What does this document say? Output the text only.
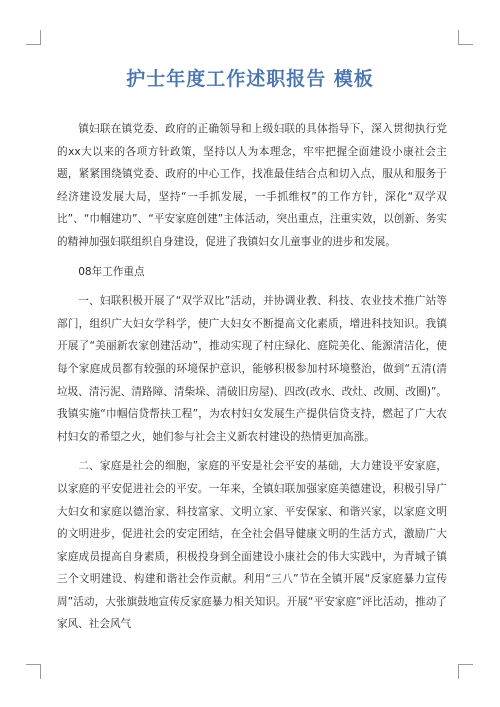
护士年度工作述职报告 模板

镇妇联在镇党委、政府的正确领导和上级妇联的具体指导下，深入贯彻执行党的xx大以来的各项方针政策，坚持以人为本理念，牢牢把握全面建设小康社会主题，紧紧围绕镇党委、政府的中心工作，找准最佳结合点和切入点，服从和服务于经济建设发展大局，坚持“一手抓发展，一手抓维权”的工作方针，深化“双学双比”、“巾帼建功”、“平安家庭创建”主体活动，突出重点，注重实效，以创新、务实的精神加强妇联组织自身建设，促进了我镇妇女儿童事业的进步和发展。

08年工作重点

一、妇联积极开展了“双学双比”活动，并协调业教、科技、农业技术推广站等部门，组织广大妇女学科学，使广大妇女不断提高文化素质，增进科技知识。我镇开展了“美丽新农家创建活动”，推动实现了村庄绿化、庭院美化、能源清洁化，使每个家庭成员都有较强的环境保护意识，能够积极参加村环境整治，做到“五清(清垃圾、清污泥、清路障、清柴垛、清破旧房屋)、四改(改水、改灶、改厕、改圈)”。我镇实施“巾帼信贷帮扶工程”，为农村妇女发展生产提供信贷支持，燃起了广大农村妇女的希望之火，她们参与社会主义新农村建设的热情更加高涨。

二、家庭是社会的细胞，家庭的平安是社会平安的基础，大力建设平安家庭，以家庭的平安促进社会的平安。一年来，全镇妇联加强家庭美德建设，积极引导广大妇女和家庭以德治家、科技富家、文明立家、平安保家、和谐兴家，以家庭文明的文明进步，促进社会的安定团结，在全社会倡导健康文明的生活方式，激励广大家庭成员提高自身素质，积极投身到全面建设小康社会的伟大实践中，为青城子镇三个文明建设、构建和谐社会作贡献。利用“三八”节在全镇开展“反家庭暴力宣传周”活动，大张旗鼓地宣传反家庭暴力相关知识。开展“平安家庭”评比活动，推动了家风、社会风气
